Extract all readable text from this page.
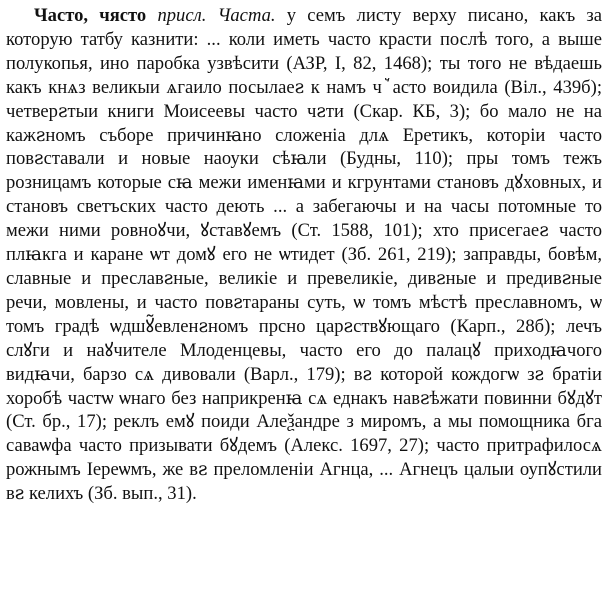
Часто, чясто присл. Часта. у семъ листу верху писано, какъ за которую татбу казнити: ... коли иметь часто красти послѣ того, а выше полукопья, ино паробка узвѣсити (АЗР, І, 82, 1468); ты того не вѣдаешь какъ кнѧз великыи ѧгаило посылаеꙅ к намъ чꙿасто воидила (Віл., 439б); четверꙅтыи книги Моисеевы часто чꙅти (Скар. КБ, 3); бо мало не на кажꙅномъ съборе причинꙗно сложеніа длѧ Еретикъ, которіи часто повꙅставали и новые наоуки сѣꙗли (Будны, 110); пры томъ тежъ розницамъ которые сꙗ межи именꙗми и кгрунтами становъ дꙋховных, и становъ светъских часто деють ... а забегаючы и на часы потомные то межи ними ровноꙋчи, ꙋставꙋемъ (Ст. 1588, 101); хто присегаеꙅ часто плꙗкга и каране ѡт домꙋ его не ѡтидет (Зб. 261, 219); заправды, бовѣм, славные и преславꙅные, великіе и превеликіе, дивꙅные и предивꙅные речи, мовлены, и часто повꙅтараны суть, ѡ томъ мѣстѣ преславномъ, ѡ томъ градѣ ѡдшꙋ̃евленꙅномъ прсно царꙅствꙋющаго (Карп., 28б); лечъ слꙋги и наꙋчителе Млоденцевы, часто его до палацꙋ приходꙗчого видꙗчи, барзо сѧ дивовали (Варл., 179); вꙅ которой кождогѡ зꙅ братіи хоробѣ частѡ ѡнаго без наприкренꙗ сѧ еднакъ навꙅѣжати повинни бꙋдꙋт (Ст. бр., 17); реклъ емꙋ поиди Алеѯандре з миромъ, а мы помощника бга саваѡфа часто призывати бꙋдемъ (Алекс. 1697, 27); часто притрафилосѧ рожнымъ Іереѡмъ, же вꙅ преломленіи Агнца, ... Агнецъ цалыи оупꙋстили вꙅ келихъ (Зб. вып., 31).
